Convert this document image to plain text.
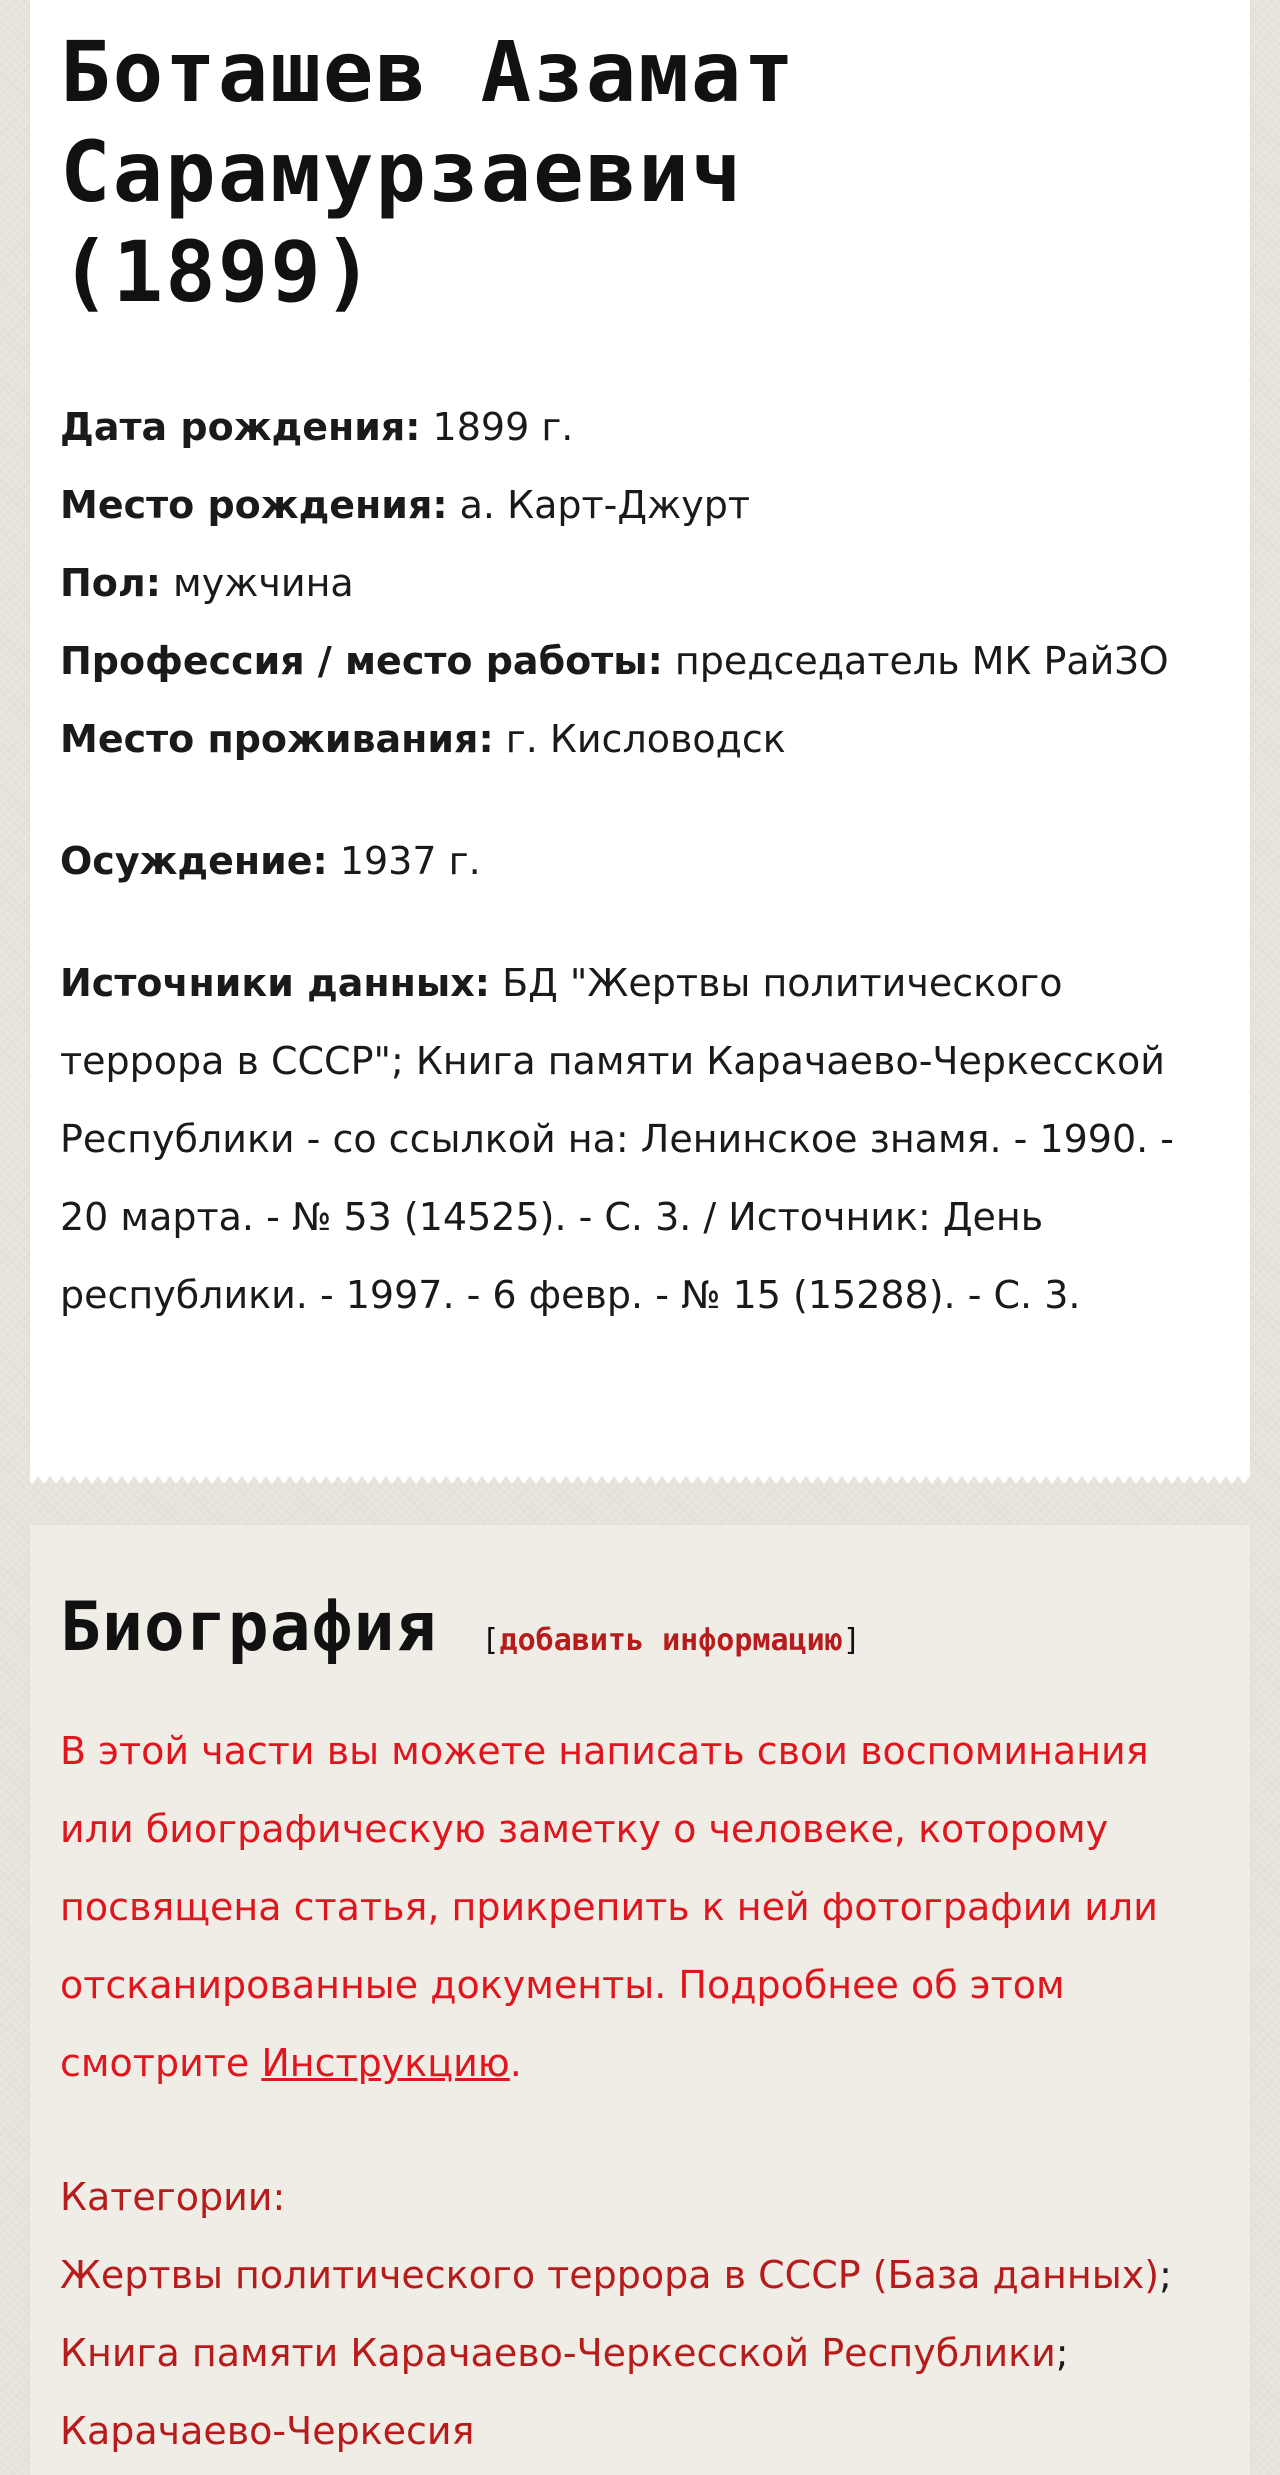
Боташев Азамат
Сарамурзаевич
(1899)

Дата рождения: 1899 г.

Место рождения: а. Карт-Джурт

Пол: мужчина

Профессия / место работы: председатель МК РайЗО

Место проживания: г. Кисловодск

Осуждение: 1937 г.

Источники данных: БД "Жертвы политического террора в СССР"; Книга памяти Карачаево-Черкесской Республики - со ссылкой на: Ленинское знамя. - 1990. - 20 марта. - № 53 (14525). - С. 3. / Источник: День республики. - 1997. - 6 февр. - № 15 (15288). - С. 3.

Биография [добавить информацию]
В этой части вы можете написать свои воспоминания или биографическую заметку о человеке, которому посвящена статья, прикрепить к ней фотографии или отсканированные документы. Подробнее об этом смотрите Инструкцию.
Категории:
Жертвы политического террора в СССР (База данных);
Книга памяти Карачаево-Черкесской Республики;
Карачаево-Черкесия
